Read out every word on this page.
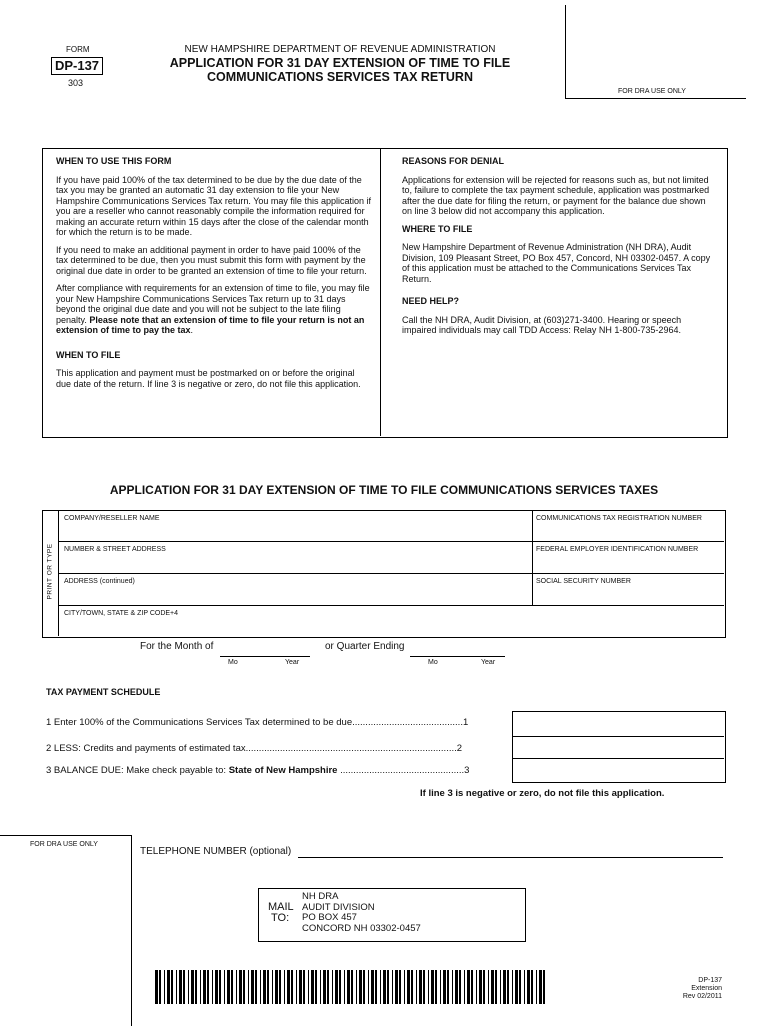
FORM
DP-137
303
NEW HAMPSHIRE DEPARTMENT OF REVENUE ADMINISTRATION
APPLICATION FOR 31 DAY EXTENSION OF TIME TO FILE
COMMUNICATIONS SERVICES TAX RETURN
FOR DRA USE ONLY
WHEN TO USE THIS FORM

If you have paid 100% of the tax determined to be due by the due date of the tax you may be granted an automatic 31 day extension to file your New Hampshire Communications Services Tax return. You may file this application if you are a reseller who cannot reasonably compile the information required for making an accurate return within 15 days after the close of the calendar month for which the return is to be made.

If you need to make an additional payment in order to have paid 100% of the tax determined to be due, then you must submit this form with payment by the original due date in order to be granted an extension of time to file your return.

After compliance with requirements for an extension of time to file, you may file your New Hampshire Communications Services Tax return up to 31 days beyond the original due date and you will not be subject to the late filing penalty. Please note that an extension of time to file your return is not an extension of time to pay the tax.

WHEN TO FILE

This application and payment must be postmarked on or before the original due date of the return. If line 3 is negative or zero, do not file this application.

REASONS FOR DENIAL

Applications for extension will be rejected for reasons such as, but not limited to, failure to complete the tax payment schedule, application was postmarked after the due date for filing the return, or payment for the balance due shown on line 3 below did not accompany this application.

WHERE TO FILE

New Hampshire Department of Revenue Administration (NH DRA), Audit Division, 109 Pleasant Street, PO Box 457, Concord, NH 03302-0457. A copy of this application must be attached to the Communications Services Tax Return.

NEED HELP?

Call the NH DRA, Audit Division, at (603)271-3400. Hearing or speech impaired individuals may call TDD Access: Relay NH 1-800-735-2964.

APPLICATION FOR 31 DAY EXTENSION OF TIME TO FILE COMMUNICATIONS SERVICES TAXES
PRINT OR TYPE
COMPANY/RESELLER NAME	COMMUNICATIONS TAX REGISTRATION NUMBER
NUMBER & STREET ADDRESS	FEDERAL EMPLOYER IDENTIFICATION NUMBER
ADDRESS (continued)	SOCIAL SECURITY NUMBER
CITY/TOWN, STATE & ZIP CODE+4
For the Month of
Mo	Year
or Quarter Ending
Mo	Year
TAX PAYMENT SCHEDULE
1 Enter 100% of the Communications Services Tax determined to be due..........................................1
2 LESS: Credits and payments of estimated tax................................................................................2
3 BALANCE DUE: Make check payable to: State of New Hampshire ...............................................3
If line 3 is negative or zero, do not file this application.
FOR DRA USE ONLY
TELEPHONE NUMBER (optional)
MAIL
TO:
NH DRA
AUDIT DIVISION
PO BOX 457
CONCORD NH 03302-0457
DP-137
Extension
Rev 02/2011
